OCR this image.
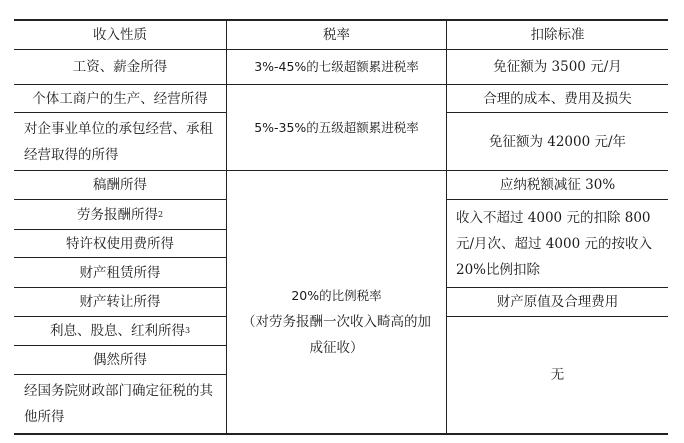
收入性质	税率	扣除标准
工资、薪金所得
个体工商户的生产、经营所得
对企事业单位的承包经营、承租经营取得的所得
稿酬所得
劳务报酬所得 2
特许权使用费所得
财产租赁所得
财产转让所得
利息、股息、红利所得 3
偶然所得
经国务院财政部门确定征税的其他所得
3%-45%的七级超额累进税率
5%-35%的五级超额累进税率
20%的比例税率
（对劳务报酬一次收入畸高的加成征收）
免征额为 3500 元/月
合理的成本、费用及损失
免征额为 42000 元/年
应纳税额减征 30%
收入不超过 4000 元的扣除 800 元/月次、超过 4000 元的按收入 20%比例扣除
财产原值及合理费用
无
